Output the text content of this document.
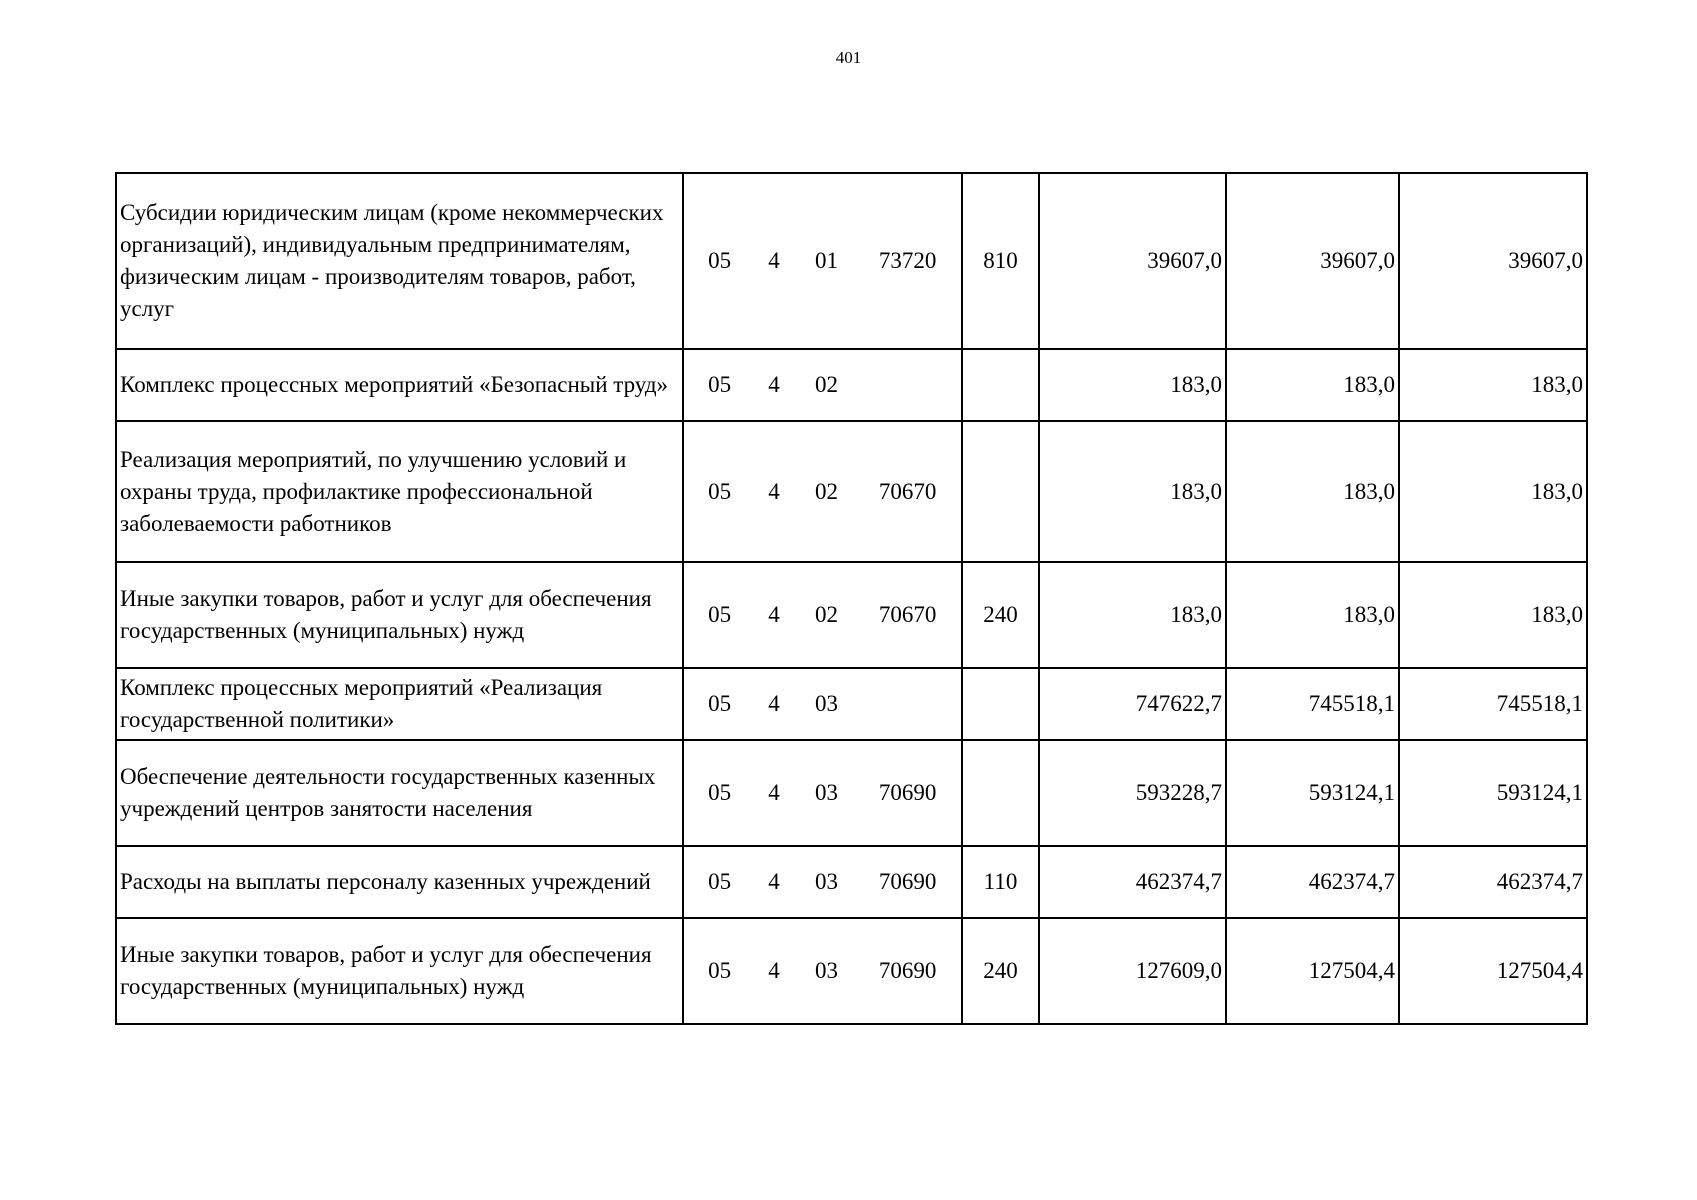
401
Субсидии юридическим лицам (кроме некоммерческих организаций), индивидуальным предпринимателям, физическим лицам - производителям товаров, работ, услуг	05 4 01 73720	810	39607,0	39607,0	39607,0
Комплекс процессных мероприятий «Безопасный труд»	05 4 02		183,0	183,0	183,0
Реализация мероприятий, по улучшению условий и охраны труда, профилактике профессиональной заболеваемости работников	05 4 02 70670		183,0	183,0	183,0
Иные закупки товаров, работ и услуг для обеспечения государственных (муниципальных) нужд	05 4 02 70670	240	183,0	183,0	183,0
Комплекс процессных мероприятий «Реализация государственной политики»	05 4 03		747622,7	745518,1	745518,1
Обеспечение деятельности государственных казенных учреждений центров занятости населения	05 4 03 70690		593228,7	593124,1	593124,1
Расходы на выплаты персоналу казенных учреждений	05 4 03 70690	110	462374,7	462374,7	462374,7
Иные закупки товаров, работ и услуг для обеспечения государственных (муниципальных) нужд	05 4 03 70690	240	127609,0	127504,4	127504,4
